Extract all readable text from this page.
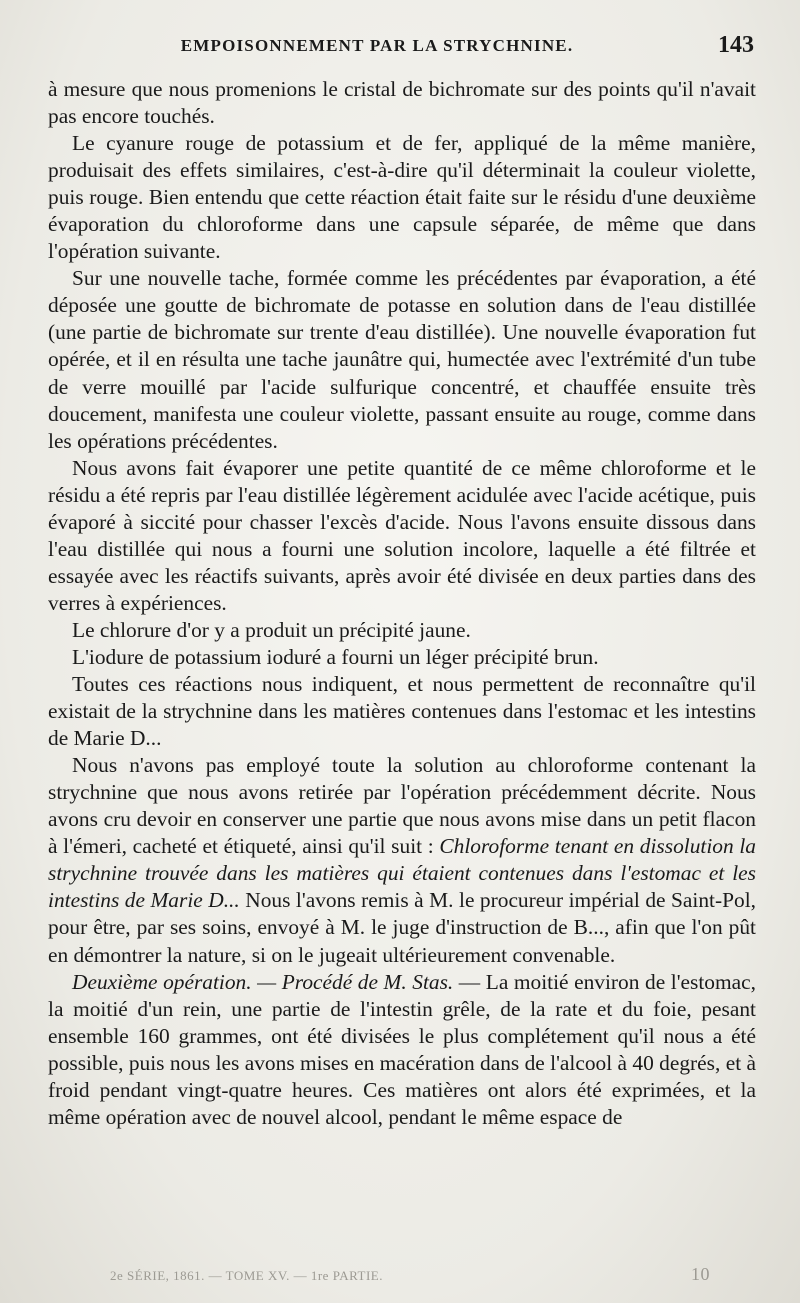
EMPOISONNEMENT PAR LA STRYCHNINE.	143

à mesure que nous promenions le cristal de bichromate sur des points qu'il n'avait pas encore touchés.

Le cyanure rouge de potassium et de fer, appliqué de la même manière, produisait des effets similaires, c'est-à-dire qu'il déterminait la couleur violette, puis rouge. Bien entendu que cette réaction était faite sur le résidu d'une deuxième évaporation du chloroforme dans une capsule séparée, de même que dans l'opération suivante.

Sur une nouvelle tache, formée comme les précédentes par évaporation, a été déposée une goutte de bichromate de potasse en solution dans de l'eau distillée (une partie de bichromate sur trente d'eau distillée). Une nouvelle évaporation fut opérée, et il en résulta une tache jaunâtre qui, humectée avec l'extrémité d'un tube de verre mouillé par l'acide sulfurique concentré, et chauffée ensuite très doucement, manifesta une couleur violette, passant ensuite au rouge, comme dans les opérations précédentes.

Nous avons fait évaporer une petite quantité de ce même chloroforme et le résidu a été repris par l'eau distillée légèrement acidulée avec l'acide acétique, puis évaporé à siccité pour chasser l'excès d'acide. Nous l'avons ensuite dissous dans l'eau distillée qui nous a fourni une solution incolore, laquelle a été filtrée et essayée avec les réactifs suivants, après avoir été divisée en deux parties dans des verres à expériences.

Le chlorure d'or y a produit un précipité jaune.

L'iodure de potassium ioduré a fourni un léger précipité brun.

Toutes ces réactions nous indiquent, et nous permettent de reconnaître qu'il existait de la strychnine dans les matières contenues dans l'estomac et les intestins de Marie D...

Nous n'avons pas employé toute la solution au chloroforme contenant la strychnine que nous avons retirée par l'opération précédemment décrite. Nous avons cru devoir en conserver une partie que nous avons mise dans un petit flacon à l'émeri, cacheté et étiqueté, ainsi qu'il suit : Chloroforme tenant en dissolution la strychnine trouvée dans les matières qui étaient contenues dans l'estomac et les intestins de Marie D... Nous l'avons remis à M. le procureur impérial de Saint-Pol, pour être, par ses soins, envoyé à M. le juge d'instruction de B..., afin que l'on pût en démontrer la nature, si on le jugeait ultérieurement convenable.

Deuxième opération. — Procédé de M. Stas. — La moitié environ de l'estomac, la moitié d'un rein, une partie de l'intestin grêle, de la rate et du foie, pesant ensemble 160 grammes, ont été divisées le plus complétement qu'il nous a été possible, puis nous les avons mises en macération dans de l'alcool à 40 degrés, et à froid pendant vingt-quatre heures. Ces matières ont alors été exprimées, et la même opération avec de nouvel alcool, pendant le même espace de

2e SÉRIE, 1861. — TOME XV. — 1re PARTIE.	10
